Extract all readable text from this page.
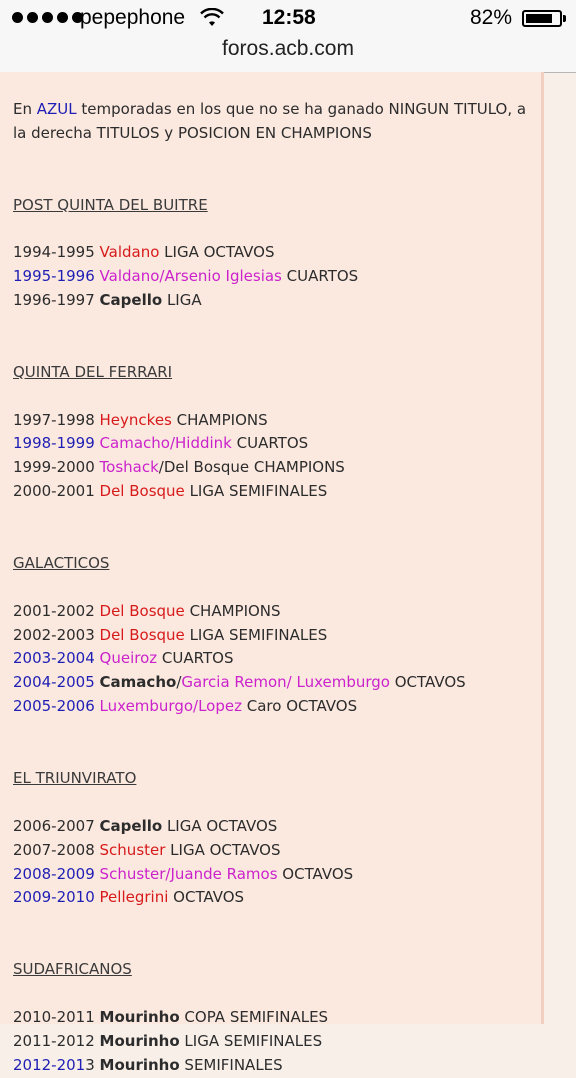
pepephone	12:58	82%
foros.acb.com
En AZUL temporadas en los que no se ha ganado NINGUN TITULO, a
la derecha TITULOS y POSICION EN CHAMPIONS
POST QUINTA DEL BUITRE
1994-1995 Valdano LIGA OCTAVOS
1995-1996 Valdano/Arsenio Iglesias CUARTOS
1996-1997 Capello LIGA
QUINTA DEL FERRARI
1997-1998 Heynckes CHAMPIONS
1998-1999 Camacho/Hiddink CUARTOS
1999-2000 Toshack/Del Bosque CHAMPIONS
2000-2001 Del Bosque LIGA SEMIFINALES
GALACTICOS
2001-2002 Del Bosque CHAMPIONS
2002-2003 Del Bosque LIGA SEMIFINALES
2003-2004 Queiroz CUARTOS
2004-2005 Camacho/Garcia Remon/ Luxemburgo OCTAVOS
2005-2006 Luxemburgo/Lopez Caro OCTAVOS
EL TRIUNVIRATO
2006-2007 Capello LIGA OCTAVOS
2007-2008 Schuster LIGA OCTAVOS
2008-2009 Schuster/Juande Ramos OCTAVOS
2009-2010 Pellegrini OCTAVOS
SUDAFRICANOS
2010-2011 Mourinho COPA SEMIFINALES
2011-2012 Mourinho LIGA SEMIFINALES
2012-2013 Mourinho SEMIFINALES
